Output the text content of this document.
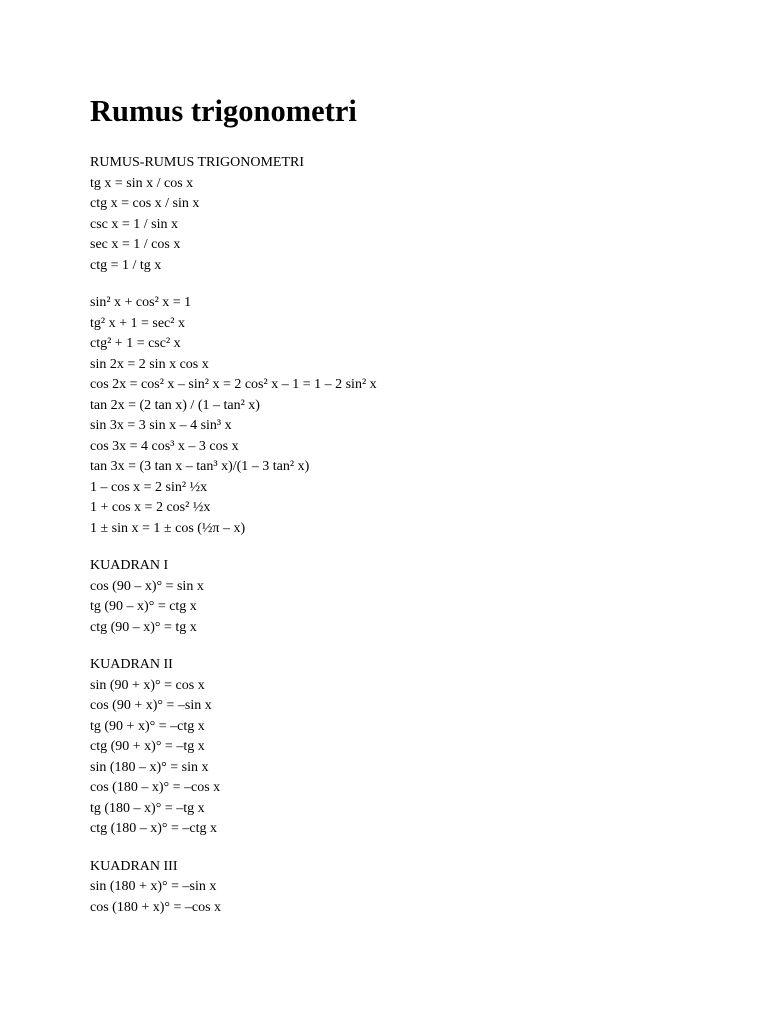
Rumus trigonometri
RUMUS-RUMUS TRIGONOMETRI
tg x = sin x / cos x
ctg x = cos x / sin x
csc x = 1 / sin x
sec x = 1 / cos x
ctg = 1 / tg x
sin² x + cos² x = 1
tg² x + 1 = sec² x
ctg² + 1 = csc² x
sin 2x = 2 sin x cos x
cos 2x = cos² x – sin² x = 2 cos² x – 1 = 1 – 2 sin² x
tan 2x = (2 tan x) / (1 – tan² x)
sin 3x = 3 sin x – 4 sin³ x
cos 3x = 4 cos³ x – 3 cos x
tan 3x = (3 tan x – tan³ x)/(1 – 3 tan² x)
1 – cos x = 2 sin² ½x
1 + cos x = 2 cos² ½x
1 ± sin x = 1 ± cos (½π – x)
KUADRAN I
cos (90 – x)° = sin x
tg (90 – x)° = ctg x
ctg (90 – x)° = tg x
KUADRAN II
sin (90 + x)° = cos x
cos (90 + x)° = –sin x
tg (90 + x)° = –ctg x
ctg (90 + x)° = –tg x
sin (180 – x)° = sin x
cos (180 – x)° = –cos x
tg (180 – x)° = –tg x
ctg (180 – x)° = –ctg x
KUADRAN III
sin (180 + x)° = –sin x
cos (180 + x)° = –cos x
